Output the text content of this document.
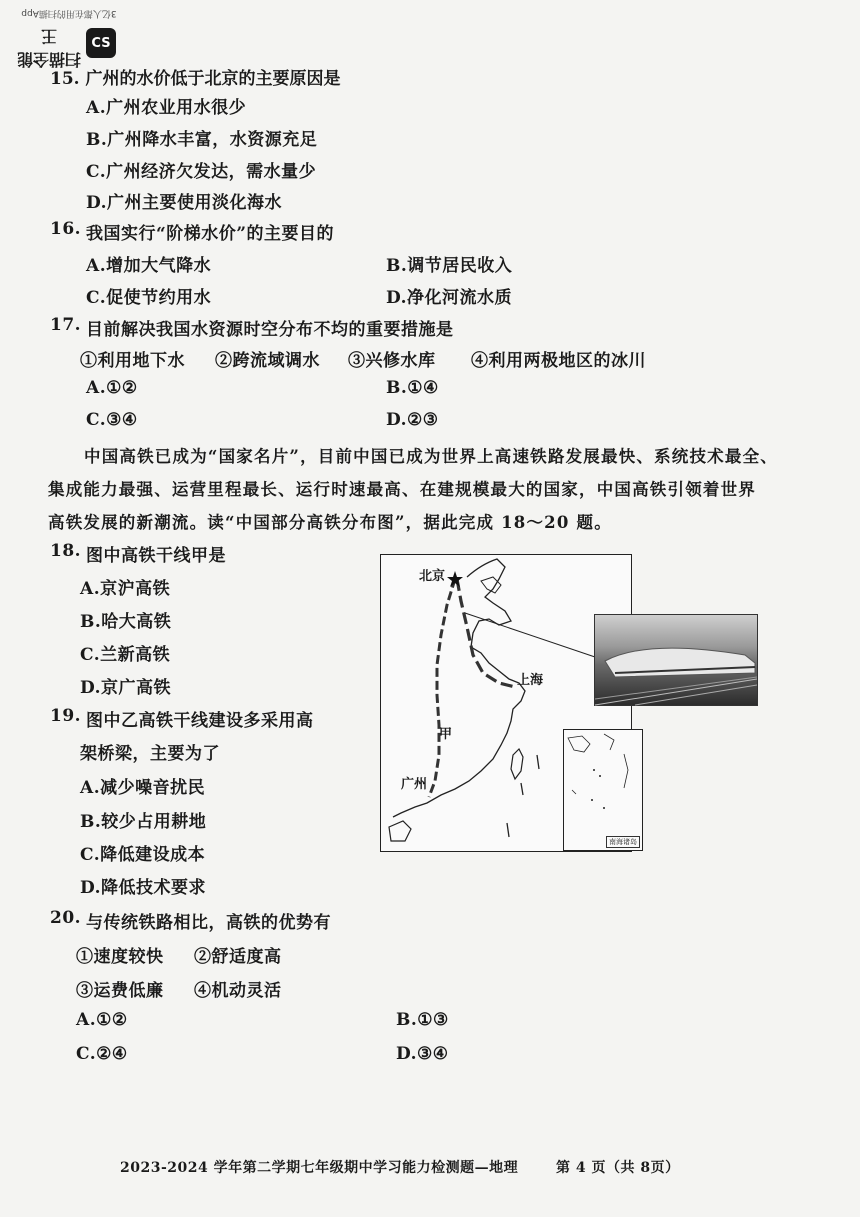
3亿人都在用的扫描App
扫描全能王	CS
15. 广州的水价低于北京的主要原因是
A.广州农业用水很少
B.广州降水丰富，水资源充足
C.广州经济欠发达，需水量少
D.广州主要使用淡化海水
16. 我国实行“阶梯水价”的主要目的
A.增加大气降水	B.调节居民收入
C.促使节约用水	D.净化河流水质
17. 目前解决我国水资源时空分布不均的重要措施是
①利用地下水 ②跨流域调水 ③兴修水库 ④利用两极地区的冰川
A.①②	B.①④
C.③④	D.②③
中国高铁已成为“国家名片”，目前中国已成为世界上高速铁路发展最快、系统技术最全、
集成能力最强、运营里程最长、运行时速最高、在建规模最大的国家，中国高铁引领着世界
高铁发展的新潮流。读“中国部分高铁分布图”，据此完成 18～20 题。
18. 图中高铁干线甲是
A.京沪高铁
B.哈大高铁
C.兰新高铁
D.京广高铁
19. 图中乙高铁干线建设多采用高
架桥梁，主要为了
A.减少噪音扰民
B.较少占用耕地
C.降低建设成本
D.降低技术要求
北京
上海
广州
甲
南海诸岛
20. 与传统铁路相比，高铁的优势有
①速度较快 ②舒适度高
③运费低廉 ④机动灵活
A.①②	B.①③
C.②④	D.③④
2023-2024 学年第二学期七年级期中学习能力检测题—地理	第 4 页（共 8页）
